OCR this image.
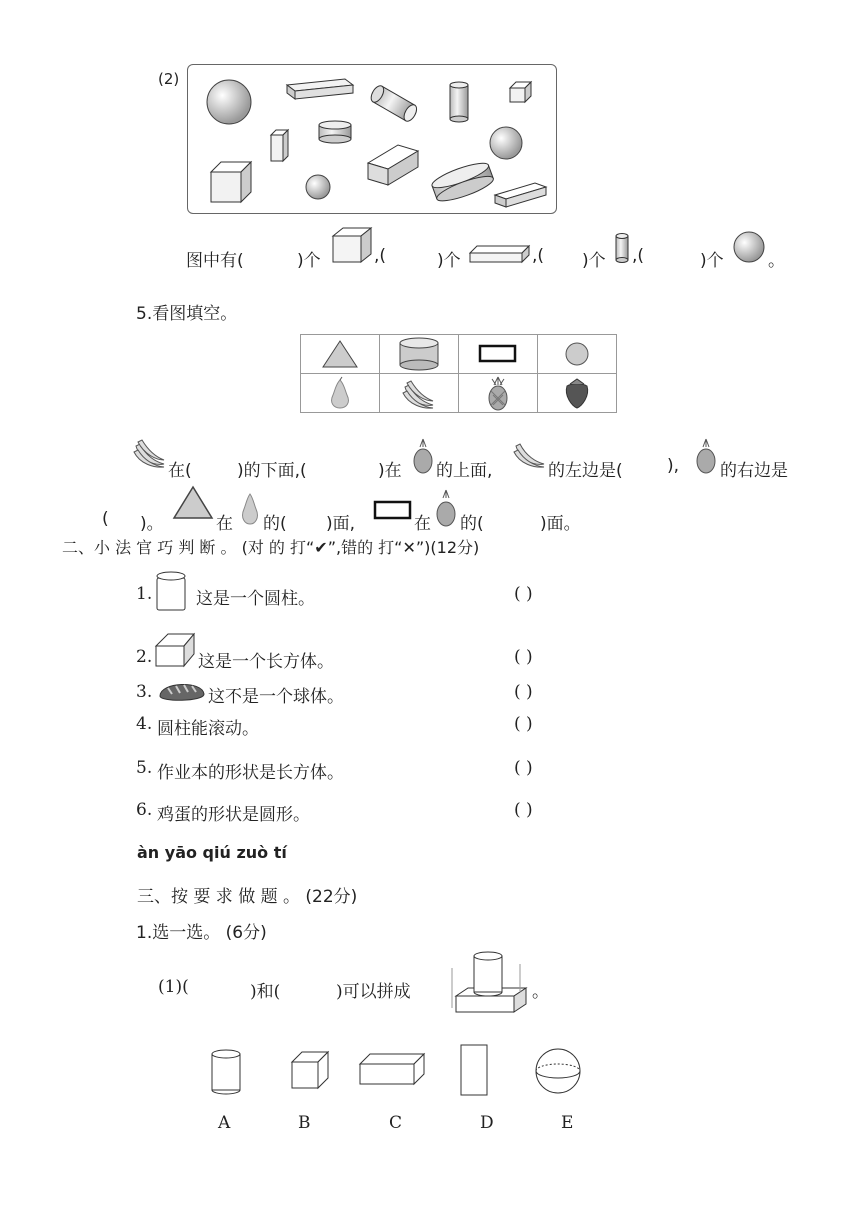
(2)
图中有(	)个	,(	)个	,( )个 ,(	)个	。
5.看图填空。

在(	)的下面,(	)在 的上面,	的左边是(	), 的右边是
( )。	在 的( )面,	在 的(	)面。
二、小 法 官 巧 判 断 。 (对 的 打“✔”,错的 打“✕”)(12分)
1.	这是一个圆柱。	( )
2.	这是一个长方体。	( )
3.	这不是一个球体。	( )
4. 圆柱能滚动。	( )
5. 作业本的形状是长方体。	( )
6. 鸡蛋的形状是圆形。	( )
àn yāo qiú zuò tí
三、按 要 求 做 题 。 (22分)
1.选一选。 (6分)
(1)(	)和(	)可以拼成	。
A	B	C	D	E
